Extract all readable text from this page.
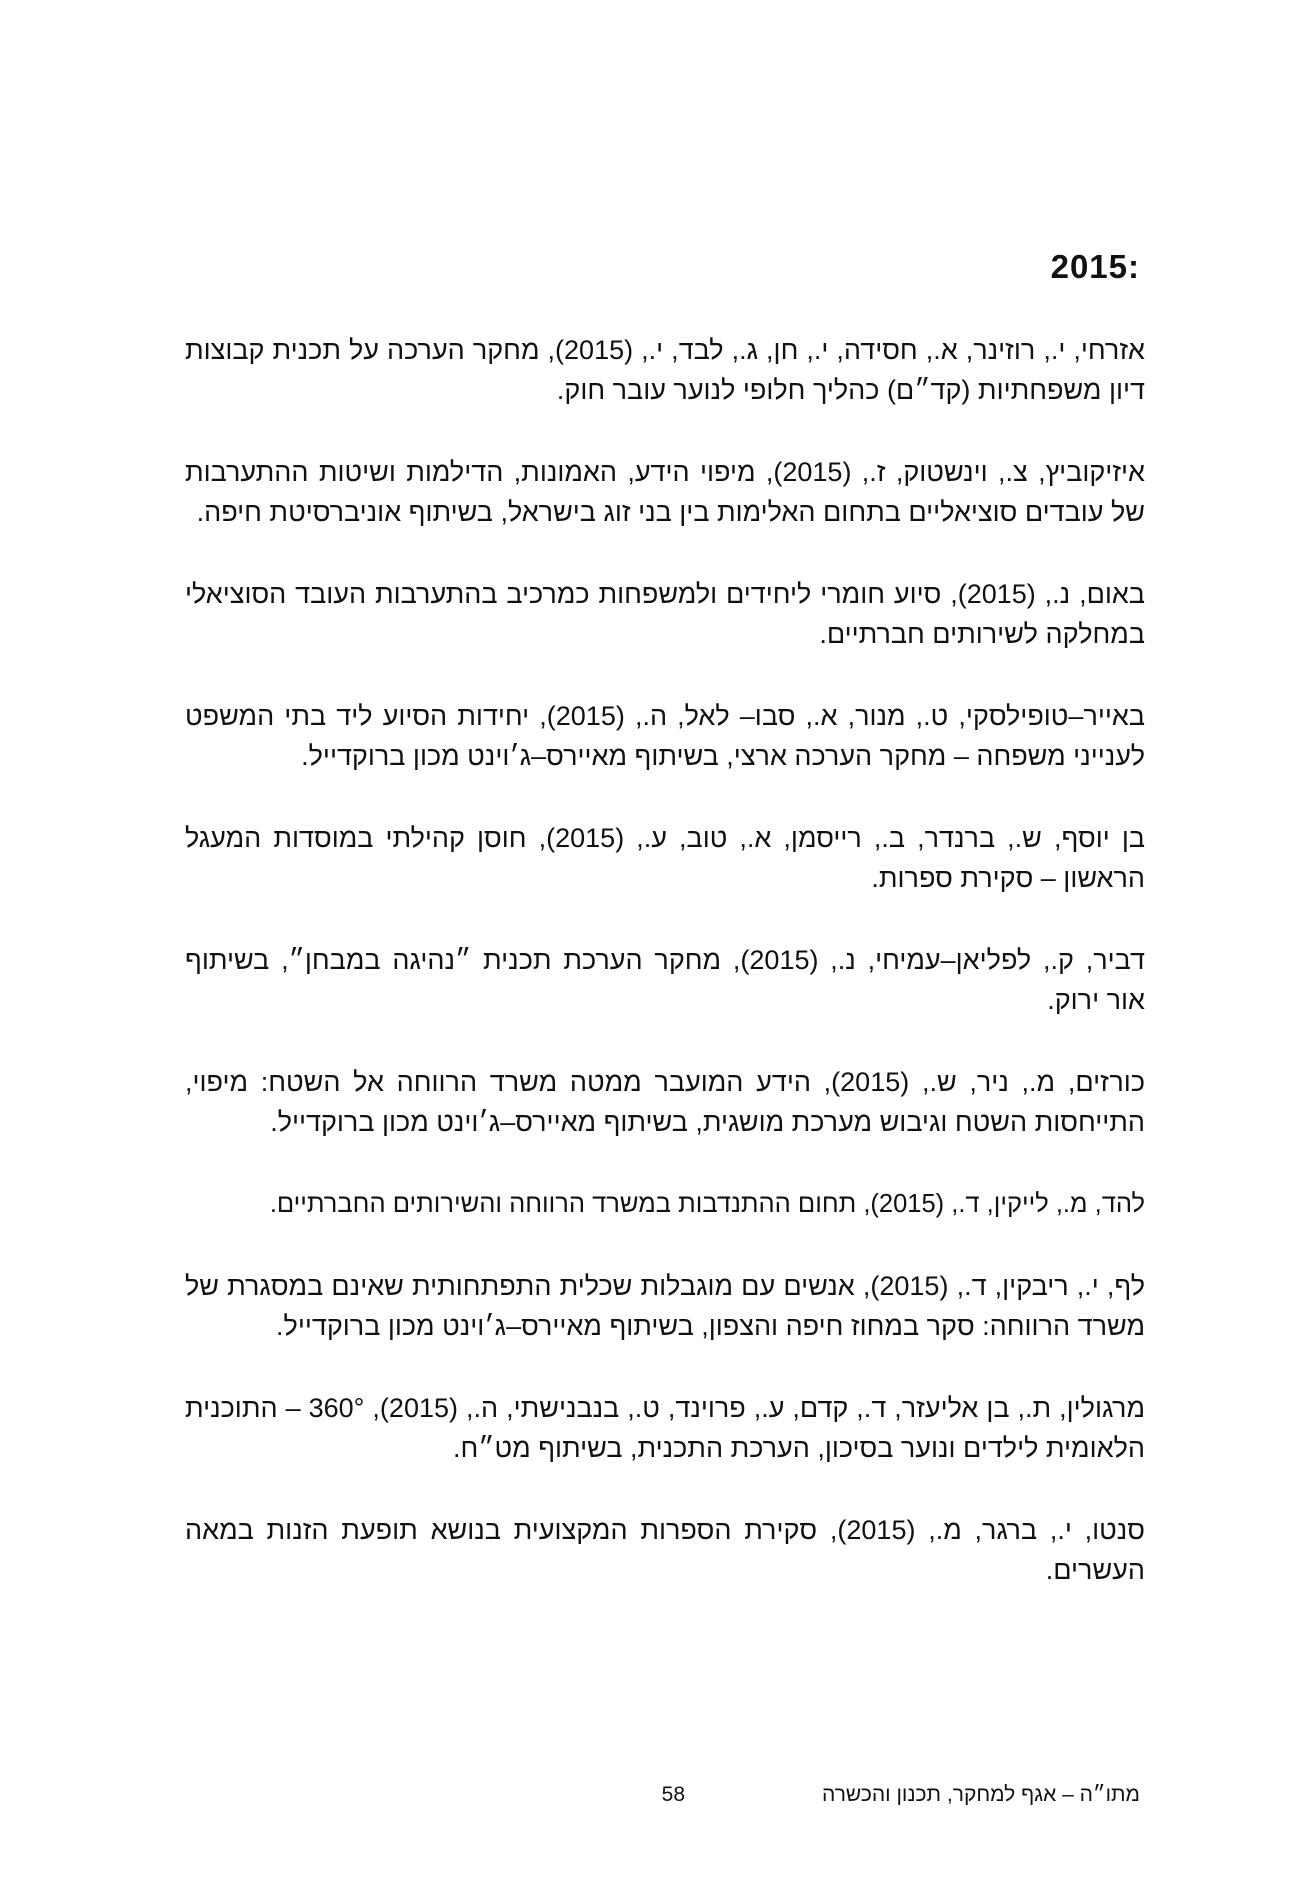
2015:

אזרחי, י., רוזינר, א., חסידה, י., חן, ג., לבד, י., (2015), מחקר הערכה על תכנית קבוצות דיון משפחתיות (קד״ם) כהליך חלופי לנוער עובר חוק.

איזיקוביץ, צ., וינשטוק, ז., (2015), מיפוי הידע, האמונות, הדילמות ושיטות ההתערבות של עובדים סוציאליים בתחום האלימות בין בני זוג בישראל, בשיתוף אוניברסיטת חיפה.

באום, נ., (2015), סיוע חומרי ליחידים ולמשפחות כמרכיב בהתערבות העובד הסוציאלי במחלקה לשירותים חברתיים.

באייר–טופילסקי, ט., מנור, א., סבו– לאל, ה., (2015), יחידות הסיוע ליד בתי המשפט לענייני משפחה – מחקר הערכה ארצי, בשיתוף מאיירס–ג׳וינט מכון ברוקדייל.

בן יוסף, ש., ברנדר, ב., רייסמן, א., טוב, ע., (2015), חוסן קהילתי במוסדות המעגל הראשון – סקירת ספרות.

דביר, ק., לפליאן–עמיחי, נ., (2015), מחקר הערכת תכנית ״נהיגה במבחן״, בשיתוף אור ירוק.

כורזים, מ., ניר, ש., (2015), הידע המועבר ממטה משרד הרווחה אל השטח: מיפוי, התייחסות השטח וגיבוש מערכת מושגית, בשיתוף מאיירס–ג׳וינט מכון ברוקדייל.

להד, מ., לייקין, ד., (2015), תחום ההתנדבות במשרד הרווחה והשירותים החברתיים.

לף, י., ריבקין, ד., (2015), אנשים עם מוגבלות שכלית התפתחותית שאינם במסגרת של משרד הרווחה: סקר במחוז חיפה והצפון, בשיתוף מאיירס–ג׳וינט מכון ברוקדייל.

מרגולין, ת., בן אליעזר, ד., קדם, ע., פרוינד, ט., בנבנישתי, ה., (2015), 360° – התוכנית הלאומית לילדים ונוער בסיכון, הערכת התכנית, בשיתוף מט״ח.

סנטו, י., ברגר, מ., (2015), סקירת הספרות המקצועית בנושא תופעת הזנות במאה העשרים.

מתו״ה – אגף למחקר, תכנון והכשרה
58
